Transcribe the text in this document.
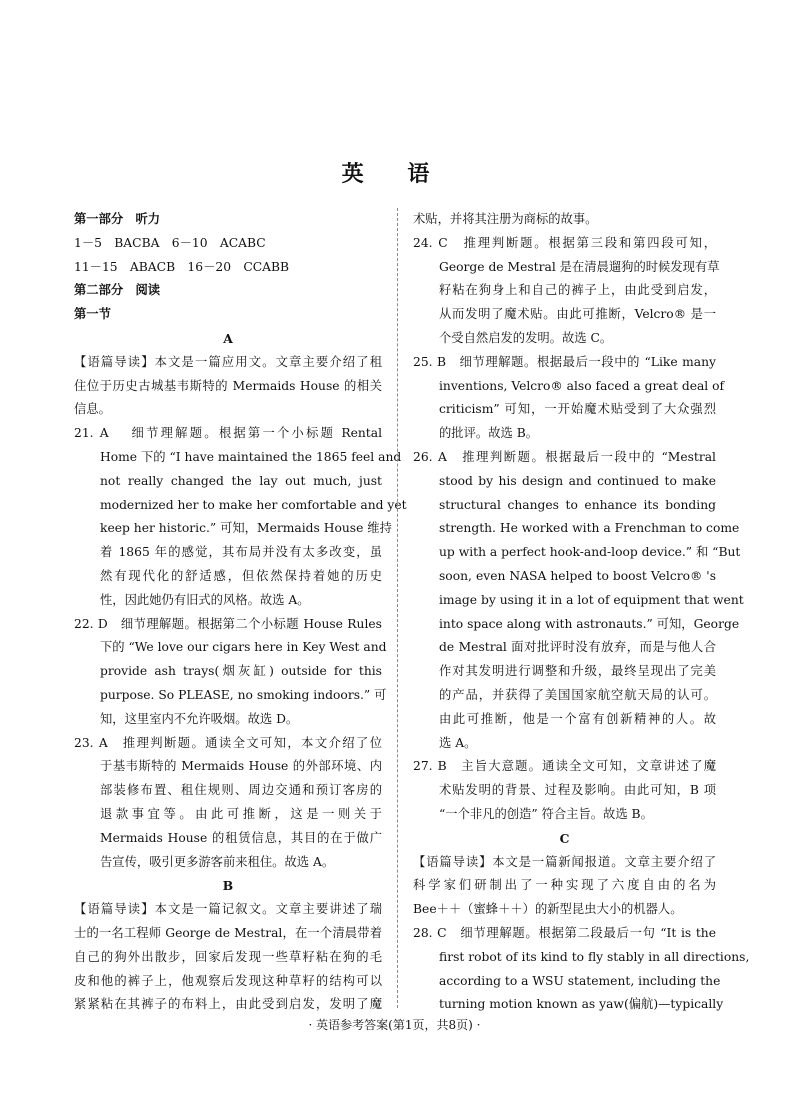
英 语
第一部分　听力
1－5　BACBA　6－10　ACABC
11－15　ABACB　16－20　CCABB
第二部分　阅读
第一节
A
【语篇导读】本文是一篇应用文。文章主要介绍了租
住位于历史古城基韦斯特的 Mermaids House 的相关
信息。
21. A　 细节理解题。根据第一个小标题 Rental
Home 下的 “I have maintained the 1865 feel and
not really changed the lay out much, just
modernized her to make her comfortable and yet
keep her historic.” 可知，Mermaids House 维持
着 1865 年的感觉，其布局并没有太多改变，虽
然有现代化的舒适感，但依然保持着她的历史
性，因此她仍有旧式的风格。故选 A。
22. D　细节理解题。根据第二个小标题 House Rules
下的 “We love our cigars here in Key West and
provide ash trays(烟灰缸) outside for this
purpose. So PLEASE, no smoking indoors.” 可
知，这里室内不允许吸烟。故选 D。
23. A　推理判断题。通读全文可知，本文介绍了位
于基韦斯特的 Mermaids House 的外部环境、内
部装修布置、租住规则、周边交通和预订客房的
退款事宜等。由此可推断，这是一则关于
Mermaids House 的租赁信息，其目的在于做广
告宣传，吸引更多游客前来租住。故选 A。
B
【语篇导读】本文是一篇记叙文。文章主要讲述了瑞
士的一名工程师 George de Mestral，在一个清晨带着
自己的狗外出散步，回家后发现一些草籽粘在狗的毛
皮和他的裤子上，他观察后发现这种草籽的结构可以
紧紧粘在其裤子的布料上，由此受到启发，发明了魔
术贴，并将其注册为商标的故事。
24. C　推理判断题。根据第三段和第四段可知，
George de Mestral 是在清晨遛狗的时候发现有草
籽粘在狗身上和自己的裤子上，由此受到启发，
从而发明了魔术贴。由此可推断，Velcro® 是一
个受自然启发的发明。故选 C。
25. B　细节理解题。根据最后一段中的 “Like many
inventions, Velcro® also faced a great deal of
criticism” 可知，一开始魔术贴受到了大众强烈
的批评。故选 B。
26. A　推理判断题。根据最后一段中的 “Mestral
stood by his design and continued to make
structural changes to enhance its bonding
strength. He worked with a Frenchman to come
up with a perfect hook-and-loop device.” 和 “But
soon, even NASA helped to boost Velcro® 's
image by using it in a lot of equipment that went
into space along with astronauts.” 可知，George
de Mestral 面对批评时没有放弃，而是与他人合
作对其发明进行调整和升级，最终呈现出了完美
的产品，并获得了美国国家航空航天局的认可。
由此可推断，他是一个富有创新精神的人。故
选 A。
27. B　主旨大意题。通读全文可知，文章讲述了魔
术贴发明的背景、过程及影响。由此可知，B 项
“一个非凡的创造” 符合主旨。故选 B。
C
【语篇导读】本文是一篇新闻报道。文章主要介绍了
科学家们研制出了一种实现了六度自由的名为
Bee＋＋（蜜蜂＋＋）的新型昆虫大小的机器人。
28. C　细节理解题。根据第二段最后一句 “It is the
first robot of its kind to fly stably in all directions,
according to a WSU statement, including the
turning motion known as yaw(偏航)—typically
· 英语参考答案(第1页，共8页) ·
